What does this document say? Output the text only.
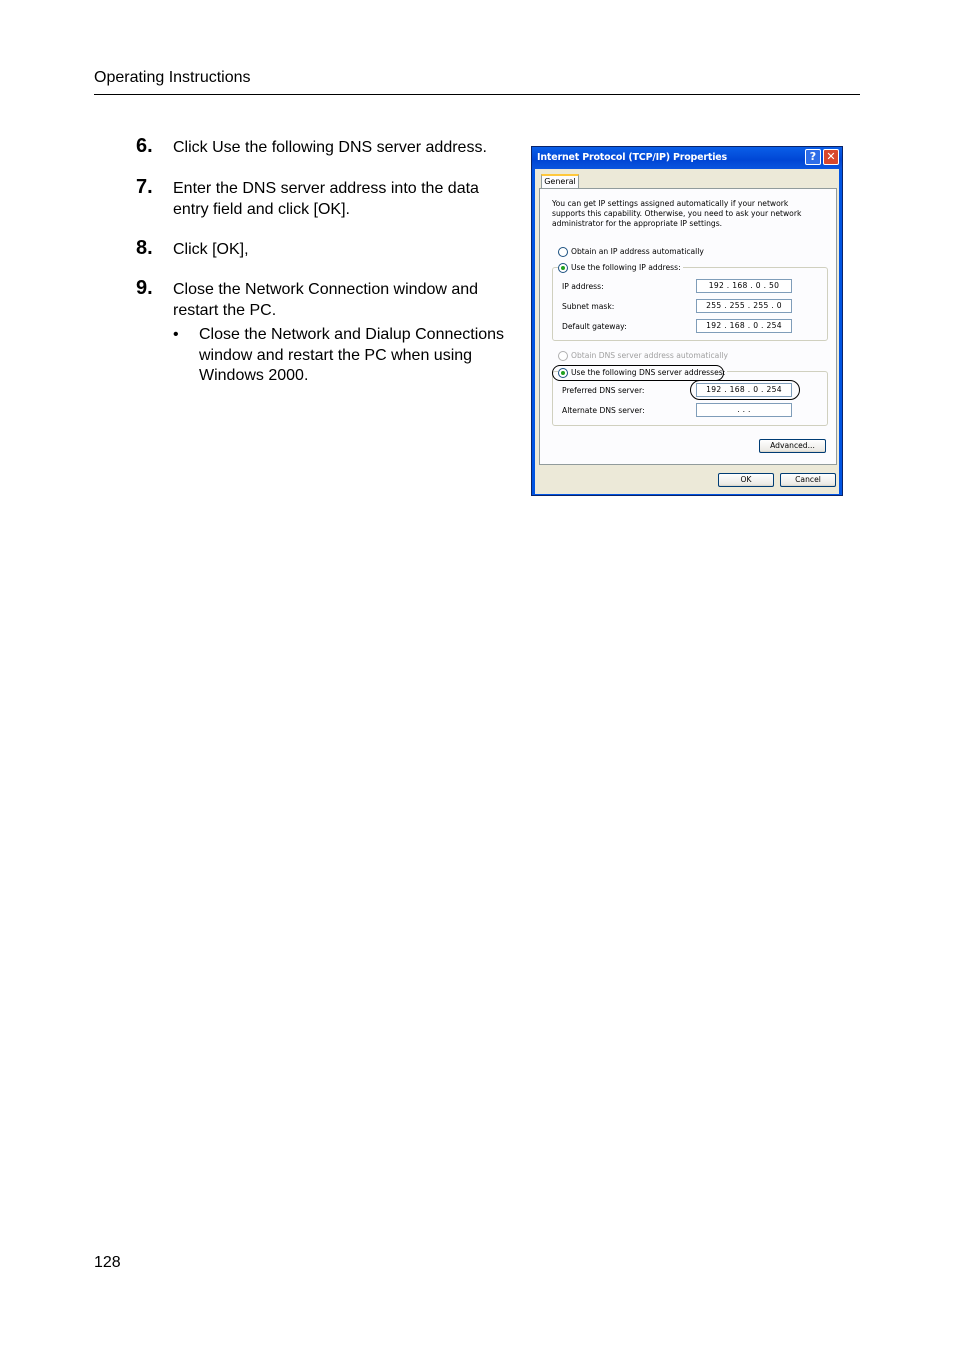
Operating Instructions
6. Click Use the following DNS server address.
7. Enter the DNS server address into the data entry field and click [OK].
8. Click [OK],
9. Close the Network Connection window and restart the PC.
• Close the Network and Dialup Connections window and restart the PC when using Windows 2000.
Internet Protocol (TCP/IP) Properties	? ✕
General
You can get IP settings assigned automatically if your network supports this capability. Otherwise, you need to ask your network administrator for the appropriate IP settings.
Obtain an IP address automatically
Use the following IP address:
IP address:	192 . 168 . 0 . 50
Subnet mask:	255 . 255 . 255 . 0
Default gateway:	192 . 168 . 0 . 254
Obtain DNS server address automatically
Use the following DNS server addresses:
Preferred DNS server:	192 . 168 . 0 . 254
Alternate DNS server:	. . .
Advanced...
OK	Cancel
128
